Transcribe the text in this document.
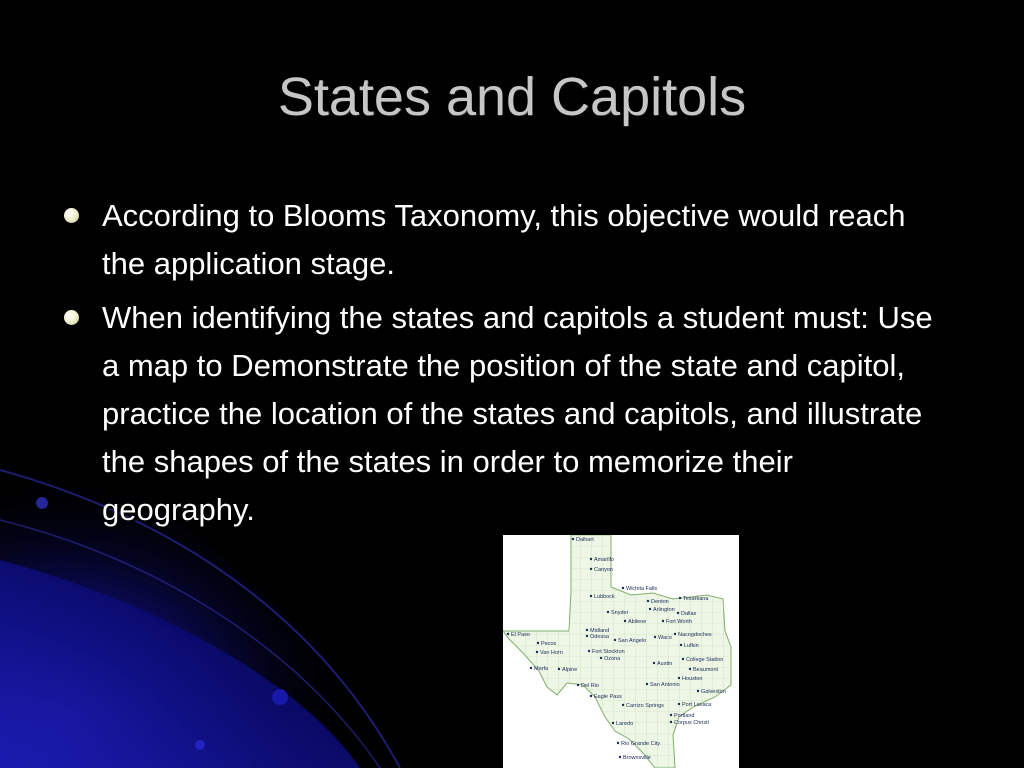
States and Capitols
According to Blooms Taxonomy, this objective would reach the application stage.
When identifying the states and capitols a student must: Use a map to Demonstrate the position of the state and capitol, practice the location of the states and capitols, and illustrate the shapes of the states in order to memorize their geography.
Dalhart
Amarillo
Canyon
Wichita Falls
Lubbock
Denton	Texarkana
Arlington
Dallas
Snyder
Abilene	Fort Worth
El Paso
Midland
Odessa
Pecos	San Angelo Waco Nacogdoches
Lufkin
Van Horn	Fort Stockton
Ozona
Austin
College Station
Beaumont
Marfa	Alpine
Houston
Del Rio	San Antonio
Galveston
Eagle Pass
Carrizo Springs	Port Lavaca
Portland
Corpus Christi
Laredo
Rio Grande City
Brownsville
